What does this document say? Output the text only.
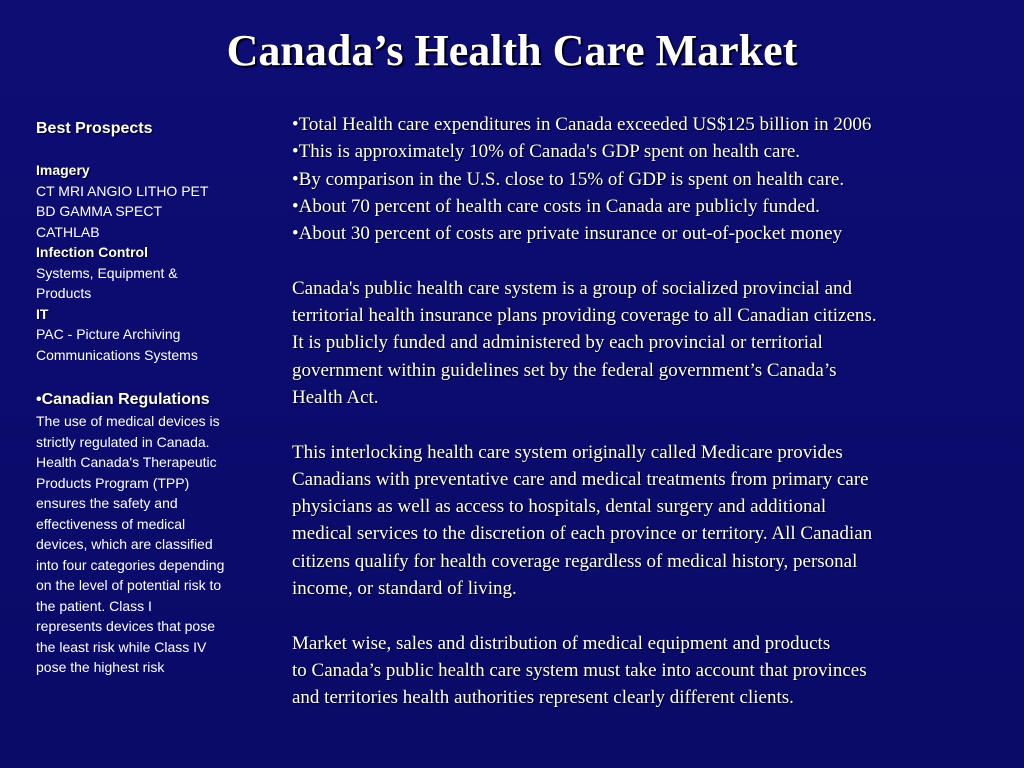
Canada’s Health Care Market
Best Prospects
Imagery
CT MRI ANGIO LITHO PET
BD GAMMA SPECT
CATHLAB
Infection Control
Systems, Equipment &
Products
IT
PAC - Picture Archiving
Communications Systems
•Canadian Regulations
The use of medical devices is
strictly regulated in Canada.
Health Canada's Therapeutic
Products Program (TPP)
ensures the safety and
effectiveness of medical
devices, which are classified
into four categories depending
on the level of potential risk to
the patient. Class I
represents devices that pose
the least risk while Class IV
pose the highest risk
•Total Health care expenditures in Canada exceeded US$125 billion in 2006
•This is approximately 10% of Canada's GDP spent on health care.
•By comparison in the U.S. close to 15% of GDP is spent on health care.
•About 70 percent of health care costs in Canada are publicly funded.
•About 30 percent of costs are private insurance or out-of-pocket money
Canada's public health care system is a group of socialized provincial and
territorial health insurance plans providing coverage to all Canadian citizens.
It is publicly funded and administered by each provincial or territorial
government within guidelines set by the federal government’s Canada’s
Health Act.
This interlocking health care system originally called Medicare provides
Canadians with preventative care and medical treatments from primary care
physicians as well as access to hospitals, dental surgery and additional
medical services to the discretion of each province or territory. All Canadian
citizens qualify for health coverage regardless of medical history, personal
income, or standard of living.
Market wise, sales and distribution of medical equipment and products
to Canada’s public health care system must take into account that provinces
and territories health authorities represent clearly different clients.
